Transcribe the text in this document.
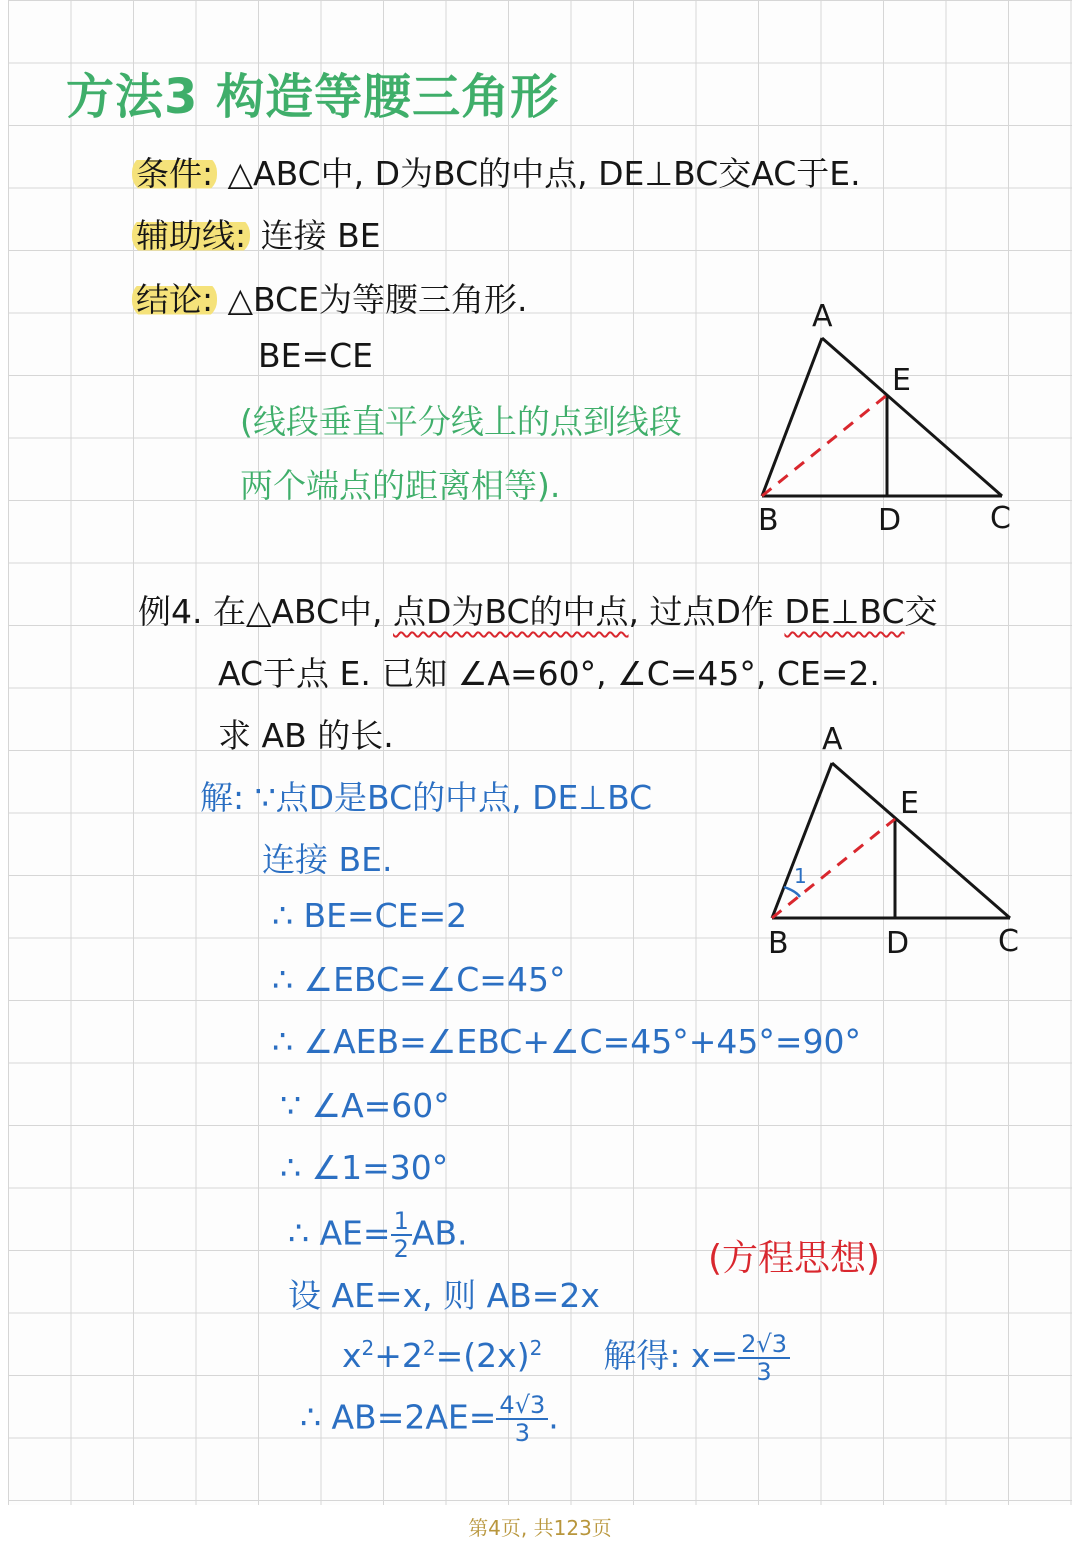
方法3 构造等腰三角形
条件: △ABC中, D为BC的中点, DE⊥BC交AC于E.
辅助线: 连接 BE
结论: △BCE为等腰三角形.
BE=CE
(线段垂直平分线上的点到线段
两个端点的距离相等).
A
E
B	D	C
例4. 在△ABC中, 点D为BC的中点, 过点D作 DE⊥BC交
AC于点 E. 已知 ∠A=60°, ∠C=45°, CE=2.
求 AB 的长.
1
A
E
B	D	C
解: ∵点D是BC的中点, DE⊥BC
连接 BE.
∴ BE=CE=2
∴ ∠EBC=∠C=45°
∴ ∠AEB=∠EBC+∠C=45°+45°=90°
∵ ∠A=60°
∴ ∠1=30°
∴ $AE= \frac{1}{2}$ AB.
设 AE=x, 则 AB=2x
$x^2+2^2=(2x)^2$ 解得: $x= \frac{2√3}{3}$
∴ $AB=2AE= \frac{4√3}{3}$ .
(方程思想)
第4页, 共123页
